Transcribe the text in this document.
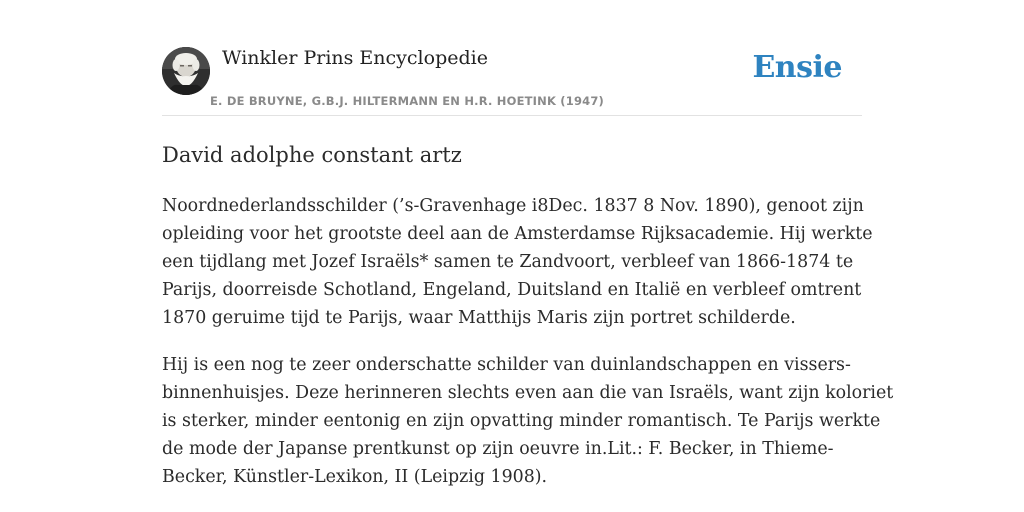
Winkler Prins Encyclopedie
E. DE BRUYNE, G.B.J. HILTERMANN EN H.R. HOETINK (1947)
Ensie
David adolphe constant artz

Noordnederlandsschilder (’s-Gravenhage i8Dec. 1837 8 Nov. 1890), genoot zijn
opleiding voor het grootste deel aan de Amsterdamse Rijksacademie. Hij werkte
een tijdlang met Jozef Israëls* samen te Zandvoort, verbleef van 1866-1874 te
Parijs, doorreisde Schotland, Engeland, Duitsland en Italië en verbleef omtrent
1870 geruime tijd te Parijs, waar Matthijs Maris zijn portret schilderde.

Hij is een nog te zeer onderschatte schilder van duinlandschappen en vissers-
binnenhuisjes. Deze herinneren slechts even aan die van Israëls, want zijn koloriet
is sterker, minder eentonig en zijn opvatting minder romantisch. Te Parijs werkte
de mode der Japanse prentkunst op zijn oeuvre in.Lit.: F. Becker, in Thieme-
Becker, Künstler-Lexikon, II (Leipzig 1908).
